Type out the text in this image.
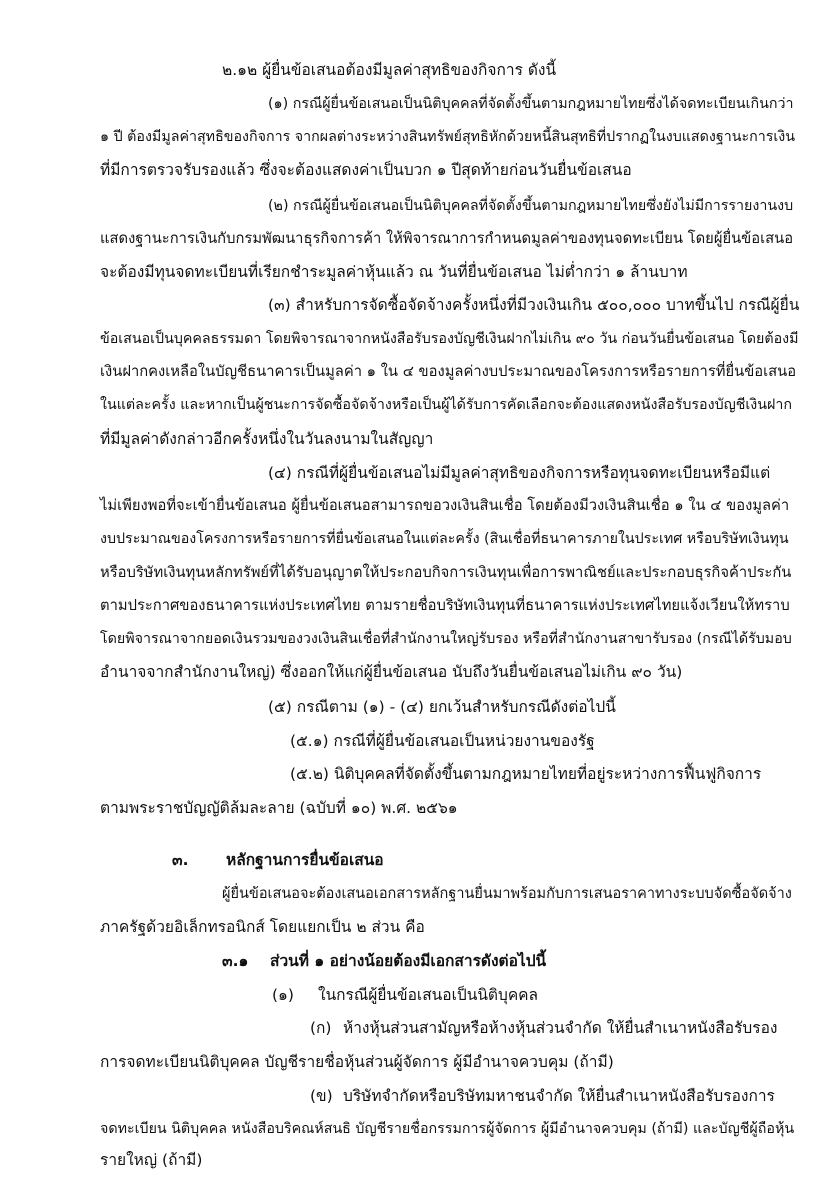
๒.๑๒ ผู้ยื่นข้อเสนอต้องมีมูลค่าสุทธิของกิจการ ดังนี้
(๑) กรณีผู้ยื่นข้อเสนอเป็นนิติบุคคลที่จัดตั้งขึ้นตามกฎหมายไทยซึ่งได้จดทะเบียนเกินกว่า
๑ ปี ต้องมีมูลค่าสุทธิของกิจการ จากผลต่างระหว่างสินทรัพย์สุทธิหักด้วยหนี้สินสุทธิที่ปรากฏในงบแสดงฐานะการเงิน
ที่มีการตรวจรับรองแล้ว ซึ่งจะต้องแสดงค่าเป็นบวก ๑ ปีสุดท้ายก่อนวันยื่นข้อเสนอ
(๒) กรณีผู้ยื่นข้อเสนอเป็นนิติบุคคลที่จัดตั้งขึ้นตามกฎหมายไทยซึ่งยังไม่มีการรายงานงบ
แสดงฐานะการเงินกับกรมพัฒนาธุรกิจการค้า ให้พิจารณาการกำหนดมูลค่าของทุนจดทะเบียน โดยผู้ยื่นข้อเสนอ
จะต้องมีทุนจดทะเบียนที่เรียกชำระมูลค่าหุ้นแล้ว ณ วันที่ยื่นข้อเสนอ ไม่ต่ำกว่า ๑ ล้านบาท
(๓) สำหรับการจัดซื้อจัดจ้างครั้งหนึ่งที่มีวงเงินเกิน ๕๐๐,๐๐๐ บาทขึ้นไป กรณีผู้ยื่น
ข้อเสนอเป็นบุคคลธรรมดา โดยพิจารณาจากหนังสือรับรองบัญชีเงินฝากไม่เกิน ๙๐ วัน ก่อนวันยื่นข้อเสนอ โดยต้องมี
เงินฝากคงเหลือในบัญชีธนาคารเป็นมูลค่า ๑ ใน ๔ ของมูลค่างบประมาณของโครงการหรือรายการที่ยื่นข้อเสนอ
ในแต่ละครั้ง และหากเป็นผู้ชนะการจัดซื้อจัดจ้างหรือเป็นผู้ได้รับการคัดเลือกจะต้องแสดงหนังสือรับรองบัญชีเงินฝาก
ที่มีมูลค่าดังกล่าวอีกครั้งหนึ่งในวันลงนามในสัญญา
(๔) กรณีที่ผู้ยื่นข้อเสนอไม่มีมูลค่าสุทธิของกิจการหรือทุนจดทะเบียนหรือมีแต่
ไม่เพียงพอที่จะเข้ายื่นข้อเสนอ ผู้ยื่นข้อเสนอสามารถขอวงเงินสินเชื่อ โดยต้องมีวงเงินสินเชื่อ ๑ ใน ๔ ของมูลค่า
งบประมาณของโครงการหรือรายการที่ยื่นข้อเสนอในแต่ละครั้ง (สินเชื่อที่ธนาคารภายในประเทศ หรือบริษัทเงินทุน
หรือบริษัทเงินทุนหลักทรัพย์ที่ได้รับอนุญาตให้ประกอบกิจการเงินทุนเพื่อการพาณิชย์และประกอบธุรกิจค้าประกัน
ตามประกาศของธนาคารแห่งประเทศไทย ตามรายชื่อบริษัทเงินทุนที่ธนาคารแห่งประเทศไทยแจ้งเวียนให้ทราบ
โดยพิจารณาจากยอดเงินรวมของวงเงินสินเชื่อที่สำนักงานใหญ่รับรอง หรือที่สำนักงานสาขารับรอง (กรณีได้รับมอบ
อำนาจจากสำนักงานใหญ่) ซึ่งออกให้แก่ผู้ยื่นข้อเสนอ นับถึงวันยื่นข้อเสนอไม่เกิน ๙๐ วัน)
(๕) กรณีตาม (๑) - (๔) ยกเว้นสำหรับกรณีดังต่อไปนี้
(๕.๑) กรณีที่ผู้ยื่นข้อเสนอเป็นหน่วยงานของรัฐ
(๕.๒) นิติบุคคลที่จัดตั้งขึ้นตามกฎหมายไทยที่อยู่ระหว่างการฟื้นฟูกิจการ
ตามพระราชบัญญัติล้มละลาย (ฉบับที่ ๑๐) พ.ศ. ๒๕๖๑
๓. หลักฐานการยื่นข้อเสนอ
ผู้ยื่นข้อเสนอจะต้องเสนอเอกสารหลักฐานยื่นมาพร้อมกับการเสนอราคาทางระบบจัดซื้อจัดจ้าง
ภาครัฐด้วยอิเล็กทรอนิกส์ โดยแยกเป็น ๒ ส่วน คือ
๓.๑ ส่วนที่ ๑ อย่างน้อยต้องมีเอกสารดังต่อไปนี้
(๑) ในกรณีผู้ยื่นข้อเสนอเป็นนิติบุคคล
(ก) ห้างหุ้นส่วนสามัญหรือห้างหุ้นส่วนจำกัด ให้ยื่นสำเนาหนังสือรับรอง
การจดทะเบียนนิติบุคคล บัญชีรายชื่อหุ้นส่วนผู้จัดการ ผู้มีอำนาจควบคุม (ถ้ามี)
(ข) บริษัทจำกัดหรือบริษัทมหาชนจำกัด ให้ยื่นสำเนาหนังสือรับรองการ
จดทะเบียน นิติบุคคล หนังสือบริคณห์สนธิ บัญชีรายชื่อกรรมการผู้จัดการ ผู้มีอำนาจควบคุม (ถ้ามี) และบัญชีผู้ถือหุ้น
รายใหญ่ (ถ้ามี)
